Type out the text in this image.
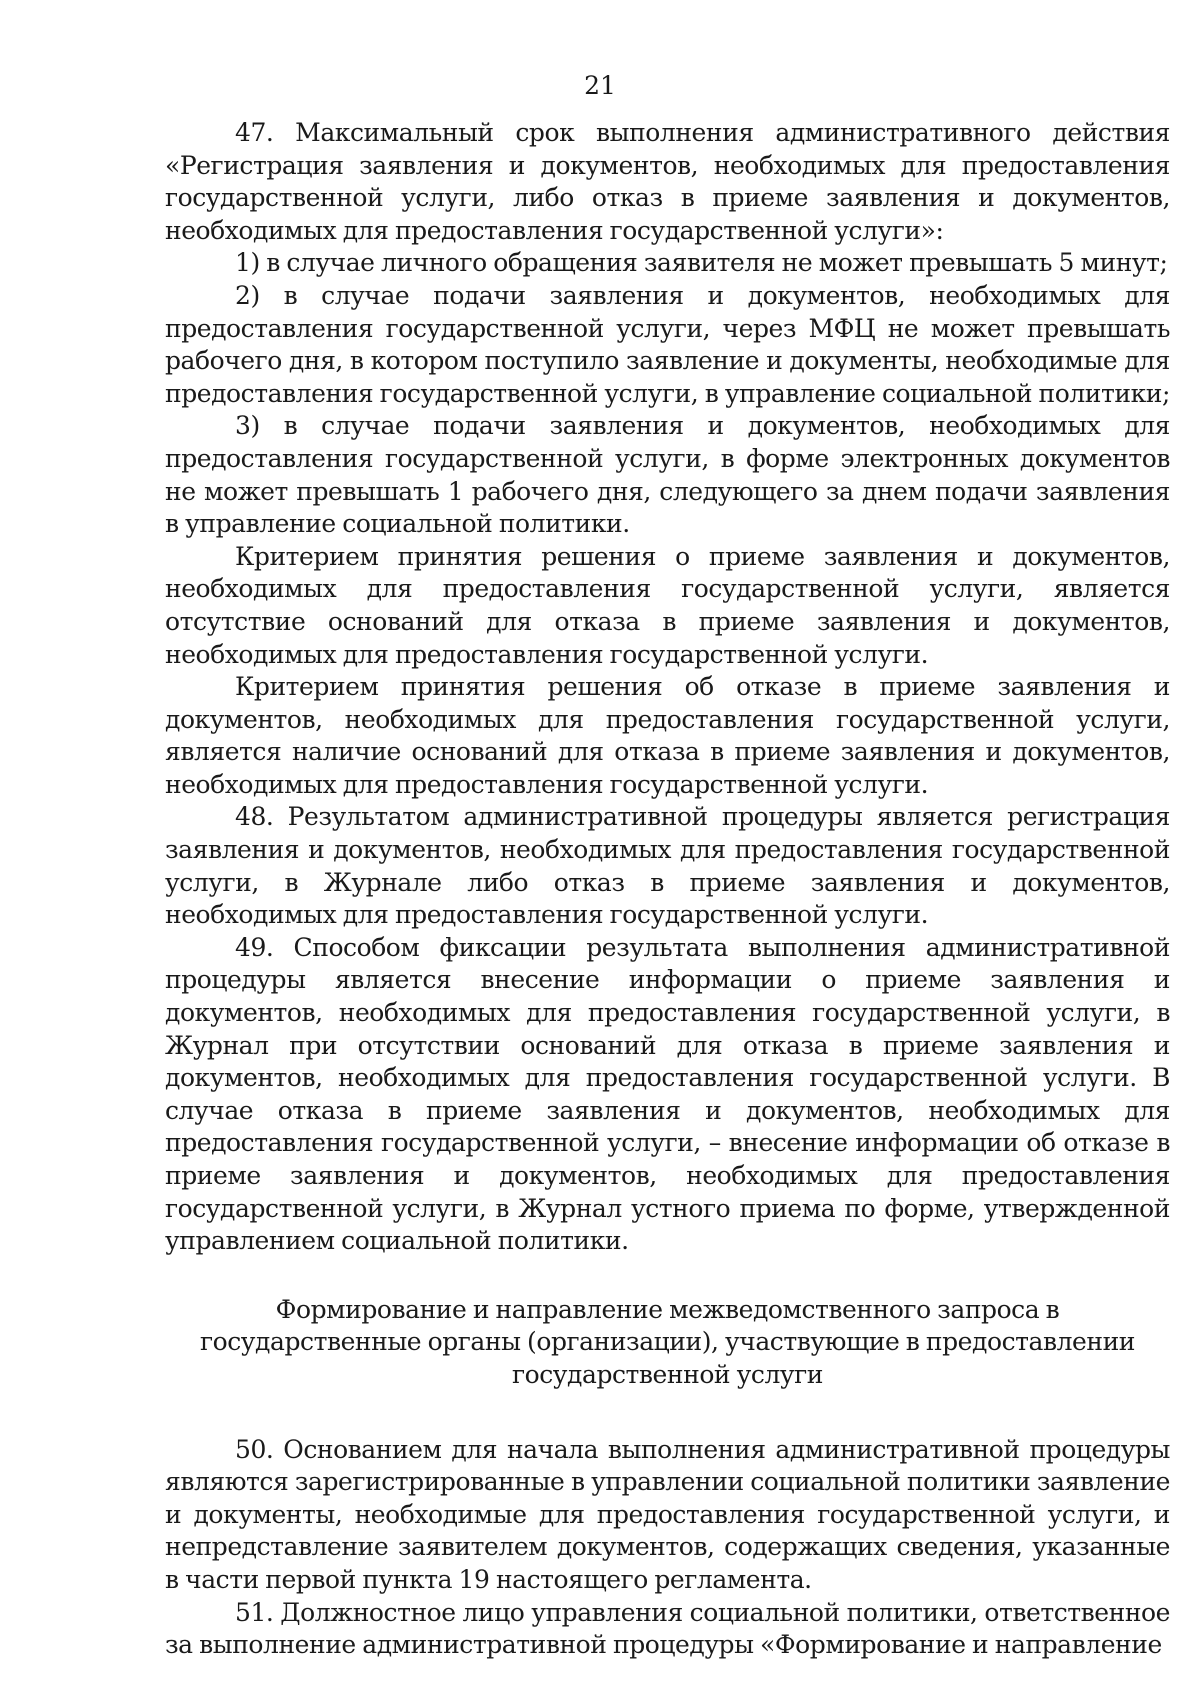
21

47. Максимальный срок выполнения административного действия «Регистрация заявления и документов, необходимых для предоставления государственной услуги, либо отказ в приеме заявления и документов, необходимых для предоставления государственной услуги»:

1) в случае личного обращения заявителя не может превышать 5 минут;

2) в случае подачи заявления и документов, необходимых для предоставления государственной услуги, через МФЦ не может превышать рабочего дня, в котором поступило заявление и документы, необходимые для предоставления государственной услуги, в управление социальной политики;

3) в случае подачи заявления и документов, необходимых для предоставления государственной услуги, в форме электронных документов не может превышать 1 рабочего дня, следующего за днем подачи заявления в управление социальной политики.

Критерием принятия решения о приеме заявления и документов, необходимых для предоставления государственной услуги, является отсутствие оснований для отказа в приеме заявления и документов, необходимых для предоставления государственной услуги.

Критерием принятия решения об отказе в приеме заявления и документов, необходимых для предоставления государственной услуги, является наличие оснований для отказа в приеме заявления и документов, необходимых для предоставления государственной услуги.

48. Результатом административной процедуры является регистрация заявления и документов, необходимых для предоставления государственной услуги, в Журнале либо отказ в приеме заявления и документов, необходимых для предоставления государственной услуги.

49. Способом фиксации результата выполнения административной процедуры является внесение информации о приеме заявления и документов, необходимых для предоставления государственной услуги, в Журнал при отсутствии оснований для отказа в приеме заявления и документов, необходимых для предоставления государственной услуги. В случае отказа в приеме заявления и документов, необходимых для предоставления государственной услуги, – внесение информации об отказе в приеме заявления и документов, необходимых для предоставления государственной услуги, в Журнал устного приема по форме, утвержденной управлением социальной политики.

Формирование и направление межведомственного запроса в государственные органы (организации), участвующие в предоставлении государственной услуги

50. Основанием для начала выполнения административной процедуры являются зарегистрированные в управлении социальной политики заявление и документы, необходимые для предоставления государственной услуги, и непредставление заявителем документов, содержащих сведения, указанные в части первой пункта 19 настоящего регламента.

51. Должностное лицо управления социальной политики, ответственное за выполнение административной процедуры «Формирование и направление
